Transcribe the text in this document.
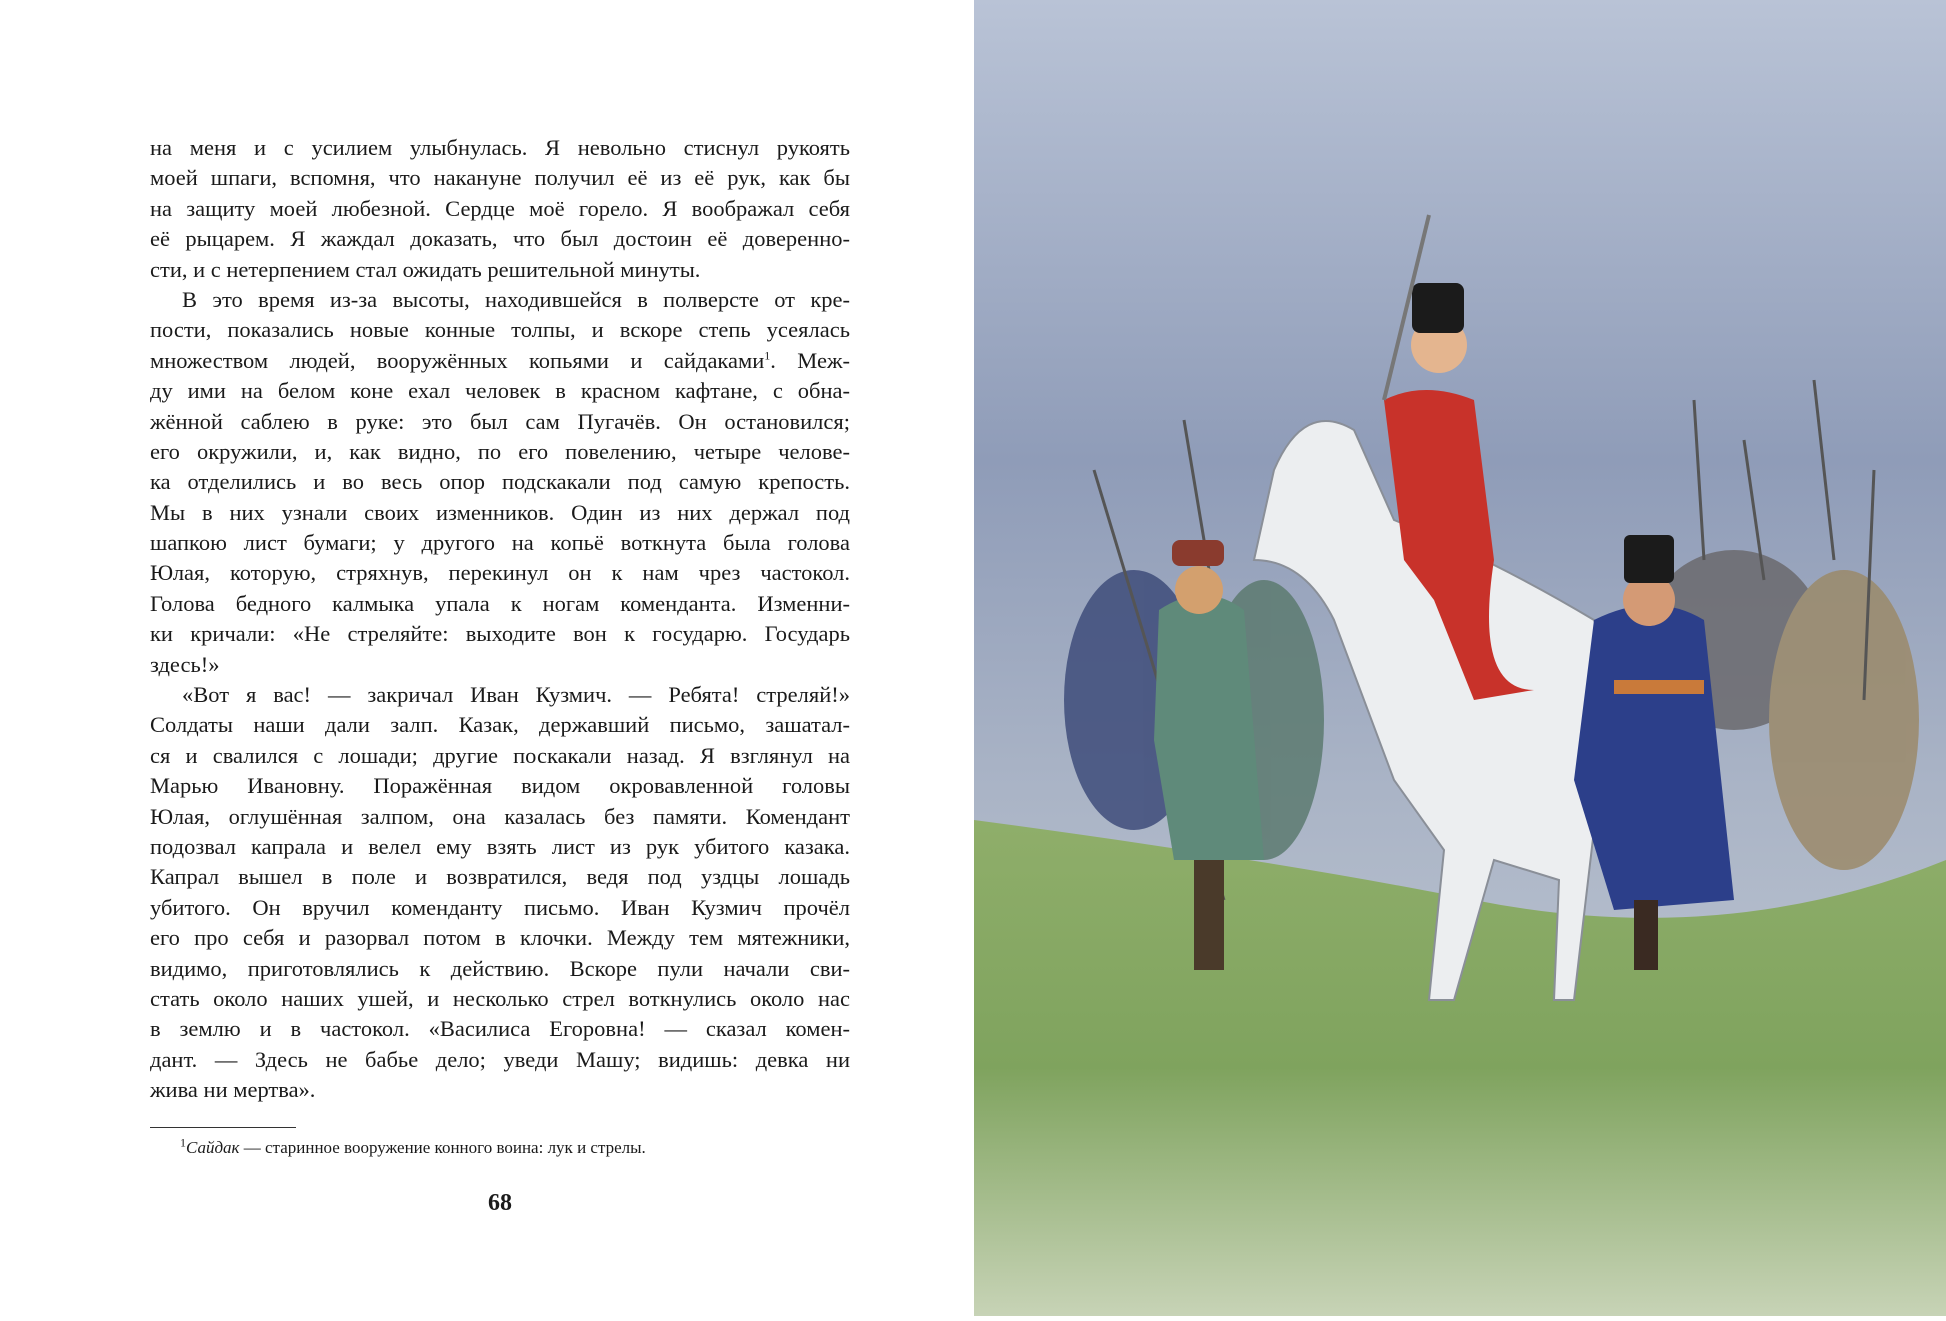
на меня и с усилием улыбнулась. Я невольно стиснул рукоять
моей шпаги, вспомня, что накануне получил её из её рук, как бы
на защиту моей любезной. Сердце моё горело. Я воображал себя
её рыцарем. Я жаждал доказать, что был достоин её доверенно-
сти, и с нетерпением стал ожидать решительной минуты.
В это время из-за высоты, находившейся в полверсте от кре-
пости, показались новые конные толпы, и вскоре степь усеялась
множеством людей, вооружённых копьями и сайдаками$^1$. Меж-
ду ими на белом коне ехал человек в красном кафтане, с обна-
жённой саблею в руке: это был сам Пугачёв. Он остановился;
его окружили, и, как видно, по его повелению, четыре челове-
ка отделились и во весь опор подскакали под самую крепость.
Мы в них узнали своих изменников. Один из них держал под
шапкою лист бумаги; у другого на копьё воткнута была голова
Юлая, которую, стряхнув, перекинул он к нам чрез частокол.
Голова бедного калмыка упала к ногам коменданта. Изменни-
ки кричали: «Не стреляйте: выходите вон к государю. Государь
здесь!»
«Вот я вас! — закричал Иван Кузмич. — Ребята! стреляй!»
Солдаты наши дали залп. Казак, державший письмо, зашатал-
ся и свалился с лошади; другие поскакали назад. Я взглянул на
Марью Ивановну. Поражённая видом окровавленной головы
Юлая, оглушённая залпом, она казалась без памяти. Комендант
подозвал капрала и велел ему взять лист из рук убитого казака.
Капрал вышел в поле и возвратился, ведя под уздцы лошадь
убитого. Он вручил коменданту письмо. Иван Кузмич прочёл
его про себя и разорвал потом в клочки. Между тем мятежники,
видимо, приготовлялись к действию. Вскоре пули начали сви-
стать около наших ушей, и несколько стрел воткнулись около нас
в землю и в частокол. «Василиса Егоровна! — сказал комен-
дант. — Здесь не бабье дело; уведи Машу; видишь: девка ни
жива ни мертва».
$^1$Сайдак — старинное вооружение конного воина: лук и стрелы.
68
